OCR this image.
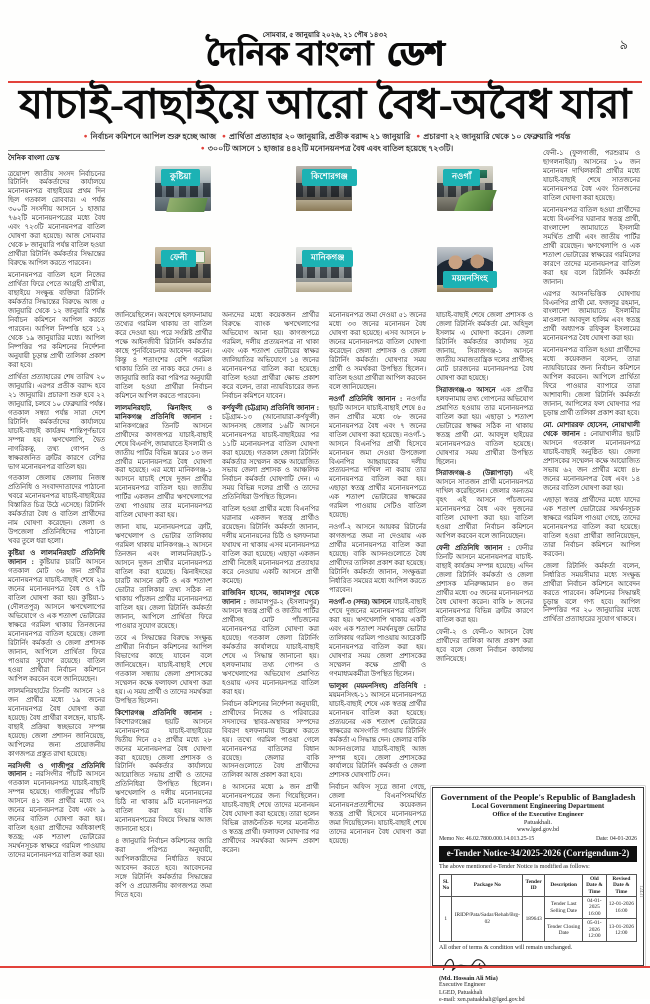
সোমবার, ৫ জানুয়ারি ২০২৬, ২১ পৌষ ১৪৩২
দৈনিক বাংলা ডেশ	৯
যাচাই-বাছাইয়ে আরো বৈধ-অবৈধ যারা
● নির্বাচন কমিশনে আপিল শুরু হচ্ছে আজ ● প্রার্থিতা প্রত্যাহার ২০ জানুয়ারি, প্রতীক বরাদ্দ ২১ জানুয়ারি ● প্রচারণা ২২ জানুয়ারি থেকে ১০ ফেব্রুয়ারি পর্যন্ত ● ৩০০টি আসনে ১ হাজার ৪৪২টি মনোনয়নপত্র বৈধ এবং বাতিল হয়েছে ৭২৩টি।
কুষ্টিয়া	কিশোরগঞ্জ	নওগাঁ
ফেনী	মানিকগঞ্জ
ময়মনসিংহ

দৈনিক বাংলা ডেস্ক

ত্রয়োদশ জাতীয় সংসদ নির্বাচনের রিটার্নিং কর্মকর্তাদের কার্যালয়ে মনোনয়নপত্র বাছাইয়ের প্রথম দিন ছিল গতকাল রোববার। এ পর্যন্ত ৩০০টি সংসদীয় আসনে ১ হাজার ৭৬২টি মনোনয়নপত্রের মধ্যে বৈধ এবং ৭২৩টি মনোনয়নপত্র বাতিল ঘোষণা করা হয়েছে। আজ সোমবার থেকে ৮ জানুয়ারি পর্যন্ত বাতিল হওয়া প্রার্থীরা রিটার্নিং কর্মকর্তার সিদ্ধান্তের বিরুদ্ধে আপিল করতে পারবেন।

মনোনয়নপত্র বাতিল হলে নিজের প্রার্থিতা ফিরে পেতে আগ্রহী প্রার্থীরা, বাছাইয়ে সংক্ষুব্ধ ব্যক্তিরা রিটার্নিং কর্মকর্তার সিদ্ধান্তের বিরুদ্ধে আজ ৫ জানুয়ারি থেকে ১২ জানুয়ারি পর্যন্ত নির্বাচন কমিশনে আপিল করতে পারবেন। আপিল নিষ্পত্তি হবে ১২ থেকে ১৯ জানুয়ারির মধ্যে। আপিল নিষ্পত্তির পর কমিশনের নির্দেশনা অনুযায়ী চূড়ান্ত প্রার্থী তালিকা প্রকাশ করা হবে।

প্রার্থিতা প্রত্যাহারের শেষ তারিখ ২০ জানুয়ারি। এরপর প্রতীক বরাদ্দ হবে ২১ জানুয়ারি। প্রচারণা শুরু হবে ২২ জানুয়ারি, চলবে ১০ ফেব্রুয়ারি পর্যন্ত। গতকাল সন্ধ্যা পর্যন্ত সারা দেশে রিটার্নিং কর্মকর্তাদের কার্যালয়ে যাচাই-বাছাই কার্যক্রম শান্তিপূর্ণভাবে সম্পন্ন হয়। ঋণখেলাপি, দ্বৈত নাগরিকত্ব, তথ্য গোপন ও স্বাক্ষরজনিত ত্রুটির কারণে বেশির ভাগ মনোনয়নপত্র বাতিল হয়।

গতকাল জেলায় জেলায় নিজস্ব প্রতিনিধি ও সংবাদদাতাদের পাঠানো খবরে মনোনয়নপত্র যাচাই-বাছাইয়ের বিস্তারিত চিত্র উঠে এসেছে। রিটার্নিং কর্মকর্তারা বৈধ ও বাতিল প্রার্থীদের নাম ঘোষণা করেছেন। জেলা ও উপজেলা প্রতিনিধিদের পাঠানো খবর তুলে ধরা হলো।

কুষ্টিয়া ও লালমনিরহাট প্রতিনিধি জানান : কুষ্টিয়ার চারটি আসনে গতকাল মোট ৩৬ জন প্রার্থীর মনোনয়নপত্র যাচাই-বাছাই শেষে ২৯ জনের মনোনয়নপত্র বৈধ ও ৭টি বাতিল ঘোষণা করা হয়। কুষ্টিয়া-১ (দৌলতপুর) আসনে ঋণখেলাপের অভিযোগে ও এক শতাংশ ভোটারের স্বাক্ষরে গরমিল থাকায় তিনজনের মনোনয়নপত্র বাতিল হয়েছে। জেলা রিটার্নিং কর্মকর্তা ও জেলা প্রশাসক জানান, আপিলে প্রার্থিতা ফিরে পাওয়ার সুযোগ রয়েছে। বাতিল হওয়া প্রার্থীরা নির্বাচন কমিশনে আপিল করবেন বলে জানিয়েছেন।

লালমনিরহাটের তিনটি আসনে ২৪ জন প্রার্থীর মধ্যে ১৯ জনের মনোনয়নপত্র বৈধ ঘোষণা করা হয়েছে। বৈধ প্রার্থীরা বলছেন, যাচাই-বাছাই প্রক্রিয়া স্বচ্ছভাবে সম্পন্ন হয়েছে। জেলা প্রশাসন জানিয়েছে, আপিলের জন্য প্রয়োজনীয় কাগজপত্র প্রস্তুত রাখা হয়েছে।

নরসিংদী ও গাজীপুর প্রতিনিধি জানান : নরসিংদীর পাঁচটি আসনে গতকাল মনোনয়নপত্র যাচাই-বাছাই সম্পন্ন হয়েছে। গাজীপুরের পাঁচটি আসনে ৪১ জন প্রার্থীর মধ্যে ৩২ জনের মনোনয়নপত্র বৈধ এবং ৯ জনের বাতিল ঘোষণা করা হয়। বাতিল হওয়া প্রার্থীদের অধিকাংশই স্বতন্ত্র; এক শতাংশ ভোটারের সমর্থনসূচক স্বাক্ষরে গরমিল পাওয়ায় তাদের মনোনয়নপত্র বাতিল করা হয়।

জানিয়েছিলেন। অবশেষে হলফনামায় তথ্যের গরমিল থাকায় তা বাতিল করে দেওয়া হয়। পরে সংশ্লিষ্ট প্রার্থীর পক্ষে আইনজীবী রিটার্নিং কর্মকর্তার কাছে পুনর্বিবেচনার আবেদন করেন। কিন্তু ৪ শতাংশের বেশি গরমিল থাকায় তিনি তা নাকচ করে দেন। ৪ জানুয়ারি জারি করা পরিপত্র অনুযায়ী বাতিল হওয়া প্রার্থীরা নির্বাচন কমিশনে আপিল করতে পারবেন।

লালমনিরহাট, ঝিনাইদহ ও মানিকগঞ্জ প্রতিনিধি জানান : মানিকগঞ্জের তিনটি আসনে প্রার্থীদের কাগজপত্র যাচাই-বাছাই শেষে বিএনপি, জামায়াতে ইসলামী ও জাতীয় পার্টির বিভিন্ন স্তরের ১৩ জন প্রার্থীর মনোনয়নপত্র বৈধ ঘোষণা করা হয়েছে। এর মধ্যে মানিকগঞ্জ-১ আসনে যাচাই শেষে দুজন প্রার্থীর মনোনয়নপত্র বাতিল হয়। জাতীয় পার্টির একজন প্রার্থীর ঋণখেলাপের তথ্য পাওয়ায় তার মনোনয়নপত্র বাতিল ঘোষণা করা হয়।

জানা যায়, মনোনয়নপত্রে ত্রুটি, ঋণখেলাপ ও ভোটার তালিকায় গরমিল থাকায় মানিকগঞ্জ-২ আসনে তিনজন এবং লালমনিরহাট-১ আসনে দুজন প্রার্থীর মনোনয়নপত্র বাতিল করা হয়েছে। ঝিনাইদহের চারটি আসনে ত্রুটি ও এক শতাংশ ভোটার তালিকার তথ্য সঠিক না থাকায় পাঁচজন প্রার্থীর মনোনয়নপত্র বাতিল হয়। জেলা রিটার্নিং কর্মকর্তা জানান, আপিলে প্রার্থিতা ফিরে পাওয়ার সুযোগ রয়েছে।

তবে এ সিদ্ধান্তের বিরুদ্ধে সংক্ষুব্ধ প্রার্থীরা নির্বাচন কমিশনের আপিল বিভাগের কাছে যাবেন বলে জানিয়েছেন। যাচাই-বাছাই শেষে গতকাল সন্ধ্যায় জেলা প্রশাসকের সম্মেলন কক্ষে ফলাফল ঘোষণা করা হয়। এ সময় প্রার্থী ও তাদের সমর্থকরা উপস্থিত ছিলেন।

কিশোরগঞ্জ প্রতিনিধি জানান : কিশোরগঞ্জের ছয়টি আসনে মনোনয়নপত্র যাচাই-বাছাইয়ের দ্বিতীয় দিনে ৫২ প্রার্থীর মধ্যে ২৮ জনের মনোনয়নপত্র বৈধ ঘোষণা করা হয়েছে। জেলা প্রশাসক ও রিটার্নিং কর্মকর্তার কার্যালয়ে আয়োজিত সভায় প্রার্থী ও তাদের প্রতিনিধিরা উপস্থিত ছিলেন। ঋণখেলাপি ও দলীয় মনোনয়নের চিঠি না থাকায় ৯টি মনোনয়নপত্র বাতিল করা হয়। বাকি মনোনয়নপত্রের বিষয়ে সিদ্ধান্ত আজ জানানো হবে।

৪ জানুয়ারি নির্বাচন কমিশনের জারি করা পরিপত্র অনুযায়ী, আপিলকারীদের নির্ধারিত ফরমে আবেদন করতে হবে। আবেদনের সঙ্গে রিটার্নিং কর্মকর্তার সিদ্ধান্তের কপি ও প্রয়োজনীয় কাগজপত্র জমা দিতে হবে।

অন্যদের মধ্যে কয়েকজন প্রার্থীর বিরুদ্ধে ব্যাংক ঋণখেলাপের অভিযোগ আনা হয়। কাগজপত্রে গরমিল, দলীয় প্রত্যয়নপত্র না থাকা এবং এক শতাংশ ভোটারের স্বাক্ষর জালিয়াতির অভিযোগে ১৪ জনের মনোনয়নপত্র বাতিল করা হয়েছে। বাতিল হওয়া প্রার্থীরা ক্ষোভ প্রকাশ করে বলেন, তারা ন্যায়বিচারের জন্য নির্বাচন কমিশনে যাবেন।

কর্ণফুলী (চট্টগ্রাম) প্রতিনিধি জানান : চট্টগ্রাম-১৩ (আনোয়ারা-কর্ণফুলী) আসনসহ জেলার ১৬টি আসনে মনোনয়নপত্র যাচাই-বাছাইয়ের পর ১১টি মনোনয়নপত্র বাতিল ঘোষণা করা হয়েছে। গতকাল জেলা রিটার্নিং কর্মকর্তার সম্মেলন কক্ষে আয়োজিত সভায় জেলা প্রশাসক ও আঞ্চলিক নির্বাচন কর্মকর্তা ঘোষণাটি দেন। এ সময় বিভিন্ন দলের প্রার্থী ও তাদের প্রতিনিধিরা উপস্থিত ছিলেন।

বাতিল হওয়া প্রার্থীর মধ্যে বিএনপির ঘরানার একজন স্বতন্ত্র প্রার্থীও রয়েছেন। রিটার্নিং কর্মকর্তা জানান, দলীয় মনোনয়নের চিঠি ও হলফনামা যথাযথ না থাকায় এসব মনোনয়নপত্র বাতিল করা হয়েছে। এছাড়া একজন প্রার্থী নিজেই মনোনয়নপত্র প্রত্যাহার করে নেওয়ায় একটি আসনে প্রার্থী কমেছে।

রাজিবিন হাসেম, জামালপুর থেকে জানান : জামালপুর-২ (ইসলামপুর) আসনে স্বতন্ত্র প্রার্থী ও জাতীয় পার্টির প্রার্থীসহ মোট পাঁচজনের মনোনয়নপত্র বাতিল ঘোষণা করা হয়েছে। গতকাল জেলা রিটার্নিং কর্মকর্তার কার্যালয়ে যাচাই-বাছাই শেষে এ সিদ্ধান্ত জানানো হয়। হলফনামায় তথ্য গোপন ও ঋণখেলাপের অভিযোগ প্রমাণিত হওয়ায় এসব মনোনয়নপত্র বাতিল করা হয়।

নির্বাচন কমিশনের নির্দেশনা অনুযায়ী, প্রার্থীদের নিজের ও পরিবারের সদস্যদের স্থাবর-অস্থাবর সম্পদের বিবরণ হলফনামায় উল্লেখ করতে হয়। তথ্যে গরমিল পাওয়া গেলে মনোনয়নপত্র বাতিলের বিধান রয়েছে। জেলার বাকি আসনগুলোতে বৈধ প্রার্থীদের তালিকা আজ প্রকাশ করা হবে।

৪ আসনের মধ্যে ৯ জন প্রার্থী মনোনয়নপত্রের জন্য গিয়েছিলেন। যাচাই-বাছাই শেষে তাদের মনোনয়ন বৈধ ঘোষণা করা হয়েছে। তারা হলেন বিভিন্ন রাজনৈতিক দলের মনোনীত ও স্বতন্ত্র প্রার্থী। ফলাফল ঘোষণার পর প্রার্থীদের সমর্থকরা আনন্দ প্রকাশ করেন।

মনোনয়নপত্র জমা দেওয়া ৫১ জনের মধ্যে ৩৩ জনের মনোনয়ন বৈধ ঘোষণা করা হয়েছে। এসব আসনে ৮ জনের মনোনয়নপত্র বাতিল ঘোষণা করেছেন জেলা প্রশাসক ও জেলা রিটার্নিং কর্মকর্তা। ঘোষণার সময় প্রার্থী ও সমর্থকরা উপস্থিত ছিলেন। বাতিল হওয়া প্রার্থীরা আপিল করবেন বলে জানিয়েছেন।

নওগাঁ প্রতিনিধি জানান : নওগাঁর ছয়টি আসনে যাচাই-বাছাই শেষে ৪৫ জন প্রার্থীর মধ্যে ৩৮ জনের মনোনয়নপত্র বৈধ এবং ৭ জনের বাতিল ঘোষণা করা হয়েছে। নওগাঁ-১ আসনে বিএনপির প্রার্থী হিসেবে মনোনয়ন জমা দেওয়া উপজেলা বিএনপির আহ্বায়কের দলীয় প্রত্যয়নপত্র দাখিল না করায় তার মনোনয়নপত্র বাতিল করা হয়। এছাড়া স্বতন্ত্র প্রার্থীর মনোনয়নপত্রে এক শতাংশ ভোটারের স্বাক্ষরের গরমিল পাওয়ায় সেটিও বাতিল হয়েছে।

নওগাঁ-২ আসনে আয়কর রিটার্নের কাগজপত্র জমা না দেওয়ায় এক প্রার্থীর মনোনয়নপত্র বাতিল করা হয়েছে। বাকি আসনগুলোতে বৈধ প্রার্থীদের তালিকা প্রকাশ করা হয়েছে। রিটার্নিং কর্মকর্তা জানান, সংক্ষুব্ধরা নির্ধারিত সময়ের মধ্যে আপিল করতে পারবেন।

নওগাঁ-৩ (সদর) আসনে যাচাই-বাছাই শেষে দুজনের মনোনয়নপত্র বাতিল করা হয়। ঋণখেলাপি থাকায় একটি এবং এক শতাংশ সমর্থনযুক্ত ভোটার তালিকায় গরমিল পাওয়ায় আরেকটি মনোনয়নপত্র বাতিল করা হয়। ঘোষণার সময় জেলা প্রশাসকের সম্মেলন কক্ষে প্রার্থী ও গণমাধ্যমকর্মীরা উপস্থিত ছিলেন।

ভালুকা (ময়মনসিংহ) প্রতিনিধি : ময়মনসিংহ-১১ আসনে মনোনয়নপত্র যাচাই-বাছাই শেষে এক স্বতন্ত্র প্রার্থীর মনোনয়ন বাতিল করা হয়েছে। প্রত্যয়নের এক শতাংশ ভোটারের স্বাক্ষরের অসংগতি পাওয়ায় রিটার্নিং কর্মকর্তা এ সিদ্ধান্ত দেন। জেলার বাকি আসনগুলোর যাচাই-বাছাই আজ সম্পন্ন হবে। জেলা প্রশাসকের কার্যালয়ে রিটার্নিং কর্মকর্তা ও জেলা প্রশাসক ঘোষণাটি দেন।

নির্বাচন অফিস সূত্রে জানা গেছে, জেলা বিএনপিসমর্থিত মনোনয়নপ্রত্যাশীদের কয়েকজন স্বতন্ত্র প্রার্থী হিসেবে মনোনয়নপত্র জমা দিয়েছিলেন। যাচাই-বাছাই শেষে তাদের মনোনয়ন বৈধ ঘোষণা করা হয়েছে।

যাচাই-বাছাই শেষে জেলা প্রশাসক ও জেলা রিটার্নিং কর্মকর্তা মো. অহিদুল ইসলাম এ ঘোষণা করেন। জেলা রিটার্নিং কর্মকর্তার কার্যালয় সূত্র জানায়, সিরাজগঞ্জ-১ আসনে জাতীয় সমাজতান্ত্রিক দলের প্রার্থীসহ মোট চারজনের মনোনয়নপত্র বৈধ ঘোষণা করা হয়েছে।

সিরাজগঞ্জ-৩ আসনে এক প্রার্থীর হলফনামায় তথ্য গোপনের অভিযোগ প্রমাণিত হওয়ায় তার মনোনয়নপত্র বাতিল করা হয়। এছাড়া ১ শতাংশ ভোটারের স্বাক্ষর সঠিক না থাকায় স্বতন্ত্র প্রার্থী মো. আবদুল হাইয়ের মনোনয়নপত্রও বাতিল হয়েছে। ঘোষণার সময় প্রার্থীরা উপস্থিত ছিলেন।

সিরাজগঞ্জ-৪ (উল্লাপাড়া) এই আসনে সাতজন প্রার্থী মনোনয়নপত্র দাখিল করেছিলেন। জেলার অন্যতম বৃহৎ এই আসনে পাঁচজনের মনোনয়নপত্র বৈধ এবং দুজনের বাতিল ঘোষণা করা হয়। বাতিল হওয়া প্রার্থীরা নির্বাচন কমিশনে আপিল করবেন বলে জানিয়েছেন।

ফেনী প্রতিনিধি জানান : ফেনীর তিনটি আসনে মনোনয়নপত্র যাচাই-বাছাই কার্যক্রম সম্পন্ন হয়েছে। এদিন জেলা রিটার্নিং কর্মকর্তা ও জেলা প্রশাসক মনিরুজ্জামান ৪৩ জন প্রার্থীর মধ্যে ৩৫ জনের মনোনয়নপত্র বৈধ ঘোষণা করেন। বাকি ৮ জনের মনোনয়নপত্র বিভিন্ন ত্রুটির কারণে বাতিল করা হয়।

ফেনী-২ ও ফেনী-৩ আসনে বৈধ প্রার্থীদের তালিকা আজ প্রকাশ করা হবে বলে জেলা নির্বাচন কার্যালয় জানিয়েছে।

ফেনী-১ (ফুলগাজী, পরশুরাম ও ছাগলনাইয়া) আসনের ১০ জন মনোনয়ন দাখিলকারী প্রার্থীর মধ্যে যাচাই-বাছাই শেষে সাতজনের মনোনয়নপত্র বৈধ এবং তিনজনের বাতিল ঘোষণা করা হয়েছে।

মনোনয়নপত্র বাতিল হওয়া প্রার্থীদের মধ্যে বিএনপির ঘরানার স্বতন্ত্র প্রার্থী, বাংলাদেশ জামায়াতে ইসলামী সমর্থিত প্রার্থী এবং জাতীয় পার্টির প্রার্থী রয়েছেন। ঋণখেলাপি ও এক শতাংশ ভোটারের স্বাক্ষরের গরমিলের কারণে তাদের মনোনয়নপত্র বাতিল করা হয় বলে রিটার্নিং কর্মকর্তা জানান।

এরপর আসনভিত্তিক ঘোষণায় বিএনপির প্রার্থী মো. ফজলুর রহমান, বাংলাদেশ জামায়াতে ইসলামীর মাওলানা আবদুল হালিম এবং স্বতন্ত্র প্রার্থী অধ্যাপক রফিকুল ইসলামের মনোনয়নপত্র বৈধ ঘোষণা করা হয়।

মনোনয়নপত্র বাতিল হওয়া প্রার্থীদের মধ্যে কয়েকজন বলেন, তারা ন্যায়বিচারের জন্য নির্বাচন কমিশনে আপিল করবেন। আপিলে প্রার্থিতা ফিরে পাওয়ার ব্যাপারে তারা আশাবাদী। জেলা রিটার্নিং কর্মকর্তা জানান, আপিলের ফল ঘোষণার পর চূড়ান্ত প্রার্থী তালিকা প্রকাশ করা হবে।

মো. মোশাররফ হোসেন, নোয়াখালী থেকে জানান : নোয়াখালীর ছয়টি আসনে গতকাল মনোনয়নপত্র যাচাই-বাছাই অনুষ্ঠিত হয়। জেলা প্রশাসকের সম্মেলন কক্ষে আয়োজিত সভায় ৬২ জন প্রার্থীর মধ্যে ৪৮ জনের মনোনয়নপত্র বৈধ এবং ১৪ জনের বাতিল ঘোষণা করা হয়।

এছাড়া স্বতন্ত্র প্রার্থীদের মধ্যে যাদের এক শতাংশ ভোটারের সমর্থনসূচক স্বাক্ষরে গরমিল পাওয়া গেছে, তাদের মনোনয়নপত্র বাতিল করা হয়েছে। বাতিল হওয়া প্রার্থীরা জানিয়েছেন, তারা নির্বাচন কমিশনে আপিল করবেন।

জেলা রিটার্নিং কর্মকর্তা বলেন, নির্ধারিত সময়সীমার মধ্যে সংক্ষুব্ধ প্রার্থীরা নির্বাচন কমিশনে আবেদন করতে পারবেন। কমিশনের সিদ্ধান্তই চূড়ান্ত বলে গণ্য হবে। আপিল নিষ্পত্তির পর ২০ জানুয়ারির মধ্যে প্রার্থিতা প্রত্যাহারের সুযোগ থাকবে।

Government of the People's Republic of Bangladesh
Local Government Engineering Department
Office of the Executive Engineer
Patuakhali.
www.lged.gov.bd
Memo No: 46.02.7800.000.14.013.25-15	Date: 04-01-2026
e-Tender Notice-34/2025-2026 (Corrigendum-2)
The above mentioned e-Tender Notice is modified as follows:
Sl. No	Package No	Tender ID	Description	Old Date & Time	Revised Date & Time
1	IRIDP/Pata/Sadar/Rehab/Brg-02	189643	Tender Last Selling Date	04-01-2025 16:00	12-01-2026 16:00
			Tender Closing Date	05-01-2026 12:00	13-01-2026 12:00
All other of terms & condition will remain unchanged.
(Md. Hossain Ali Mia)
Executive Engineer
LGED, Patuakhali
e-mail: xen.patuakhali@lged.gov.bd
12431
